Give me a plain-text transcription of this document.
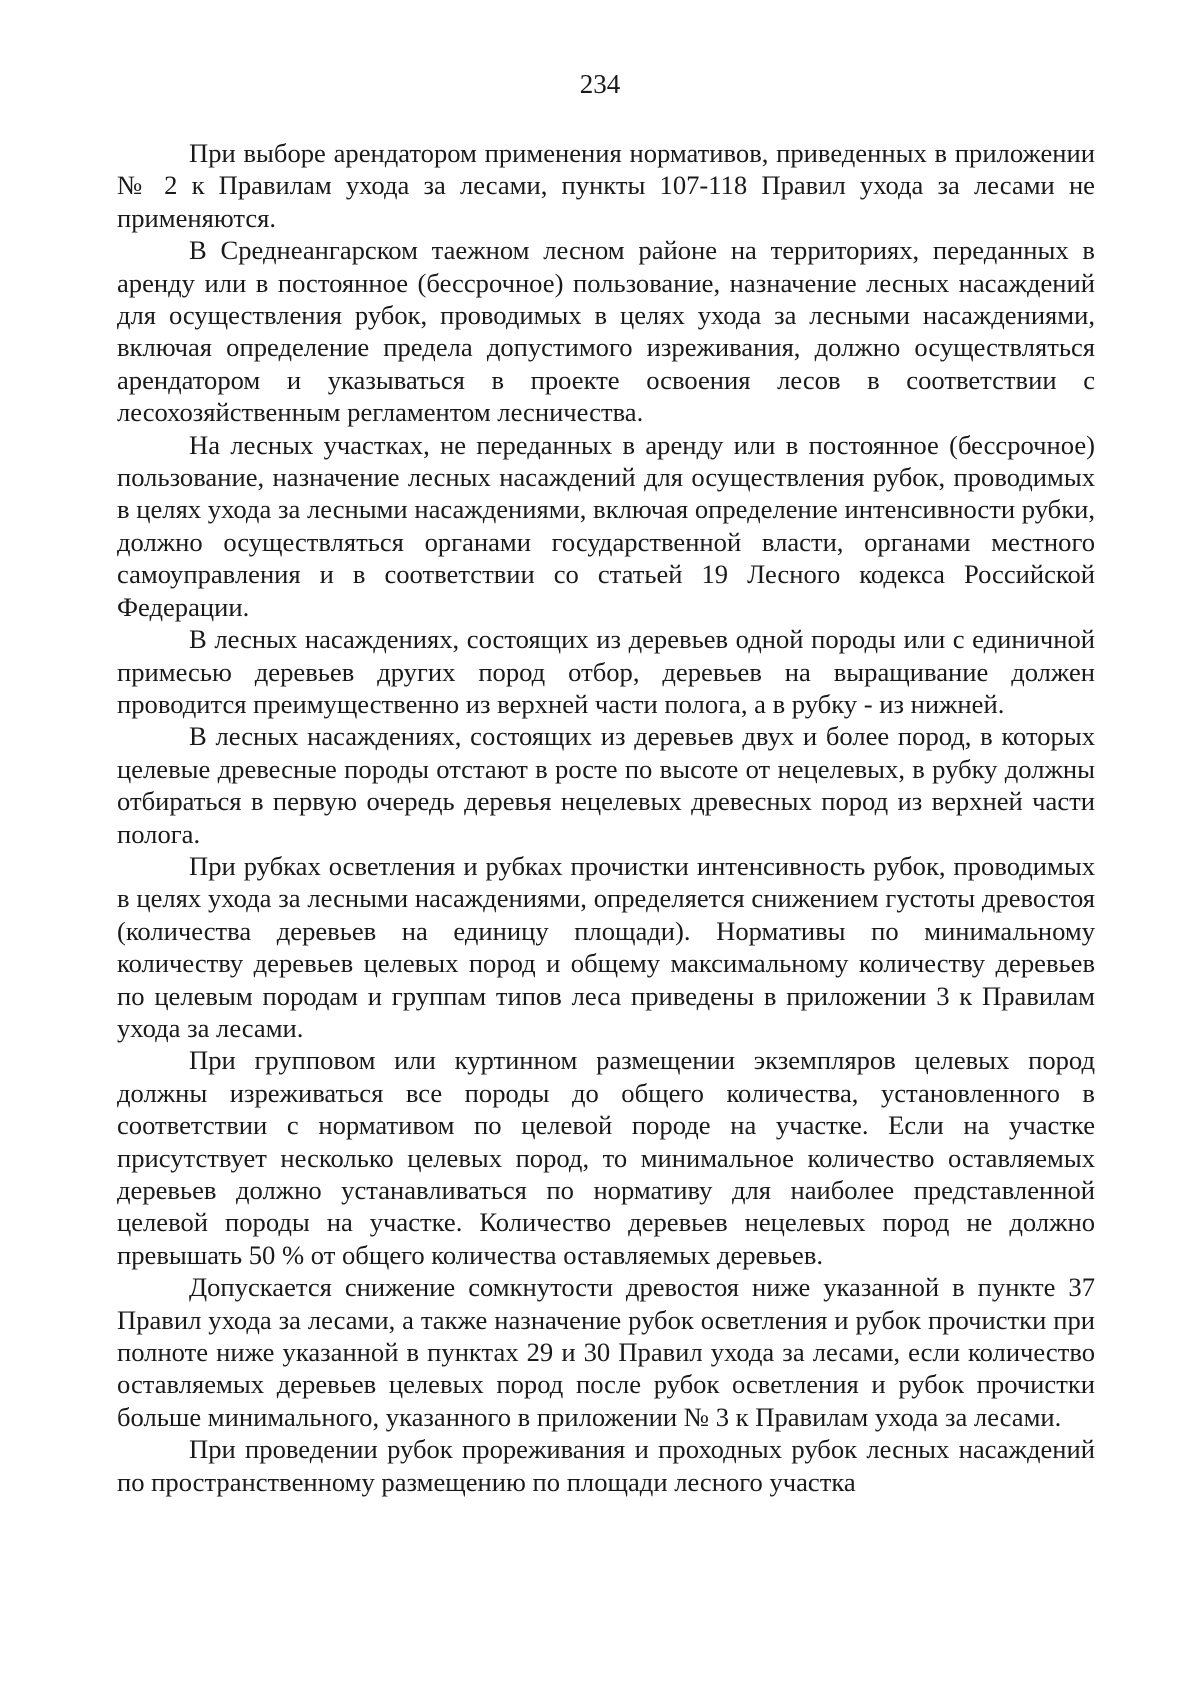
234

При выборе арендатором применения нормативов, приведенных в приложении № 2 к Правилам ухода за лесами, пункты 107-118 Правил ухода за лесами не применяются.

В Среднеангарском таежном лесном районе на территориях, переданных в аренду или в постоянное (бессрочное) пользование, назначение лесных насаждений для осуществления рубок, проводимых в целях ухода за лесными насаждениями, включая определение предела допустимого изреживания, должно осуществляться арендатором и указываться в проекте освоения лесов в соответствии с лесохозяйственным регламентом лесничества.

На лесных участках, не переданных в аренду или в постоянное (бессрочное) пользование, назначение лесных насаждений для осуществления рубок, проводимых в целях ухода за лесными насаждениями, включая определение интенсивности рубки, должно осуществляться органами государственной власти, органами местного самоуправления и в соответствии со статьей 19 Лесного кодекса Российской Федерации.

В лесных насаждениях, состоящих из деревьев одной породы или с единичной примесью деревьев других пород отбор, деревьев на выращивание должен проводится преимущественно из верхней части полога, а в рубку - из нижней.

В лесных насаждениях, состоящих из деревьев двух и более пород, в которых целевые древесные породы отстают в росте по высоте от нецелевых, в рубку должны отбираться в первую очередь деревья нецелевых древесных пород из верхней части полога.

При рубках осветления и рубках прочистки интенсивность рубок, проводимых в целях ухода за лесными насаждениями, определяется снижением густоты древостоя (количества деревьев на единицу площади). Нормативы по минимальному количеству деревьев целевых пород и общему максимальному количеству деревьев по целевым породам и группам типов леса приведены в приложении 3 к Правилам ухода за лесами.

При групповом или куртинном размещении экземпляров целевых пород должны изреживаться все породы до общего количества, установленного в соответствии с нормативом по целевой породе на участке. Если на участке присутствует несколько целевых пород, то минимальное количество оставляемых деревьев должно устанавливаться по нормативу для наиболее представленной целевой породы на участке. Количество деревьев нецелевых пород не должно превышать 50 % от общего количества оставляемых деревьев.

Допускается снижение сомкнутости древостоя ниже указанной в пункте 37 Правил ухода за лесами, а также назначение рубок осветления и рубок прочистки при полноте ниже указанной в пунктах 29 и 30 Правил ухода за лесами, если количество оставляемых деревьев целевых пород после рубок осветления и рубок прочистки больше минимального, указанного в приложении № 3 к Правилам ухода за лесами.

При проведении рубок прореживания и проходных рубок лесных насаждений по пространственному размещению по площади лесного участка
